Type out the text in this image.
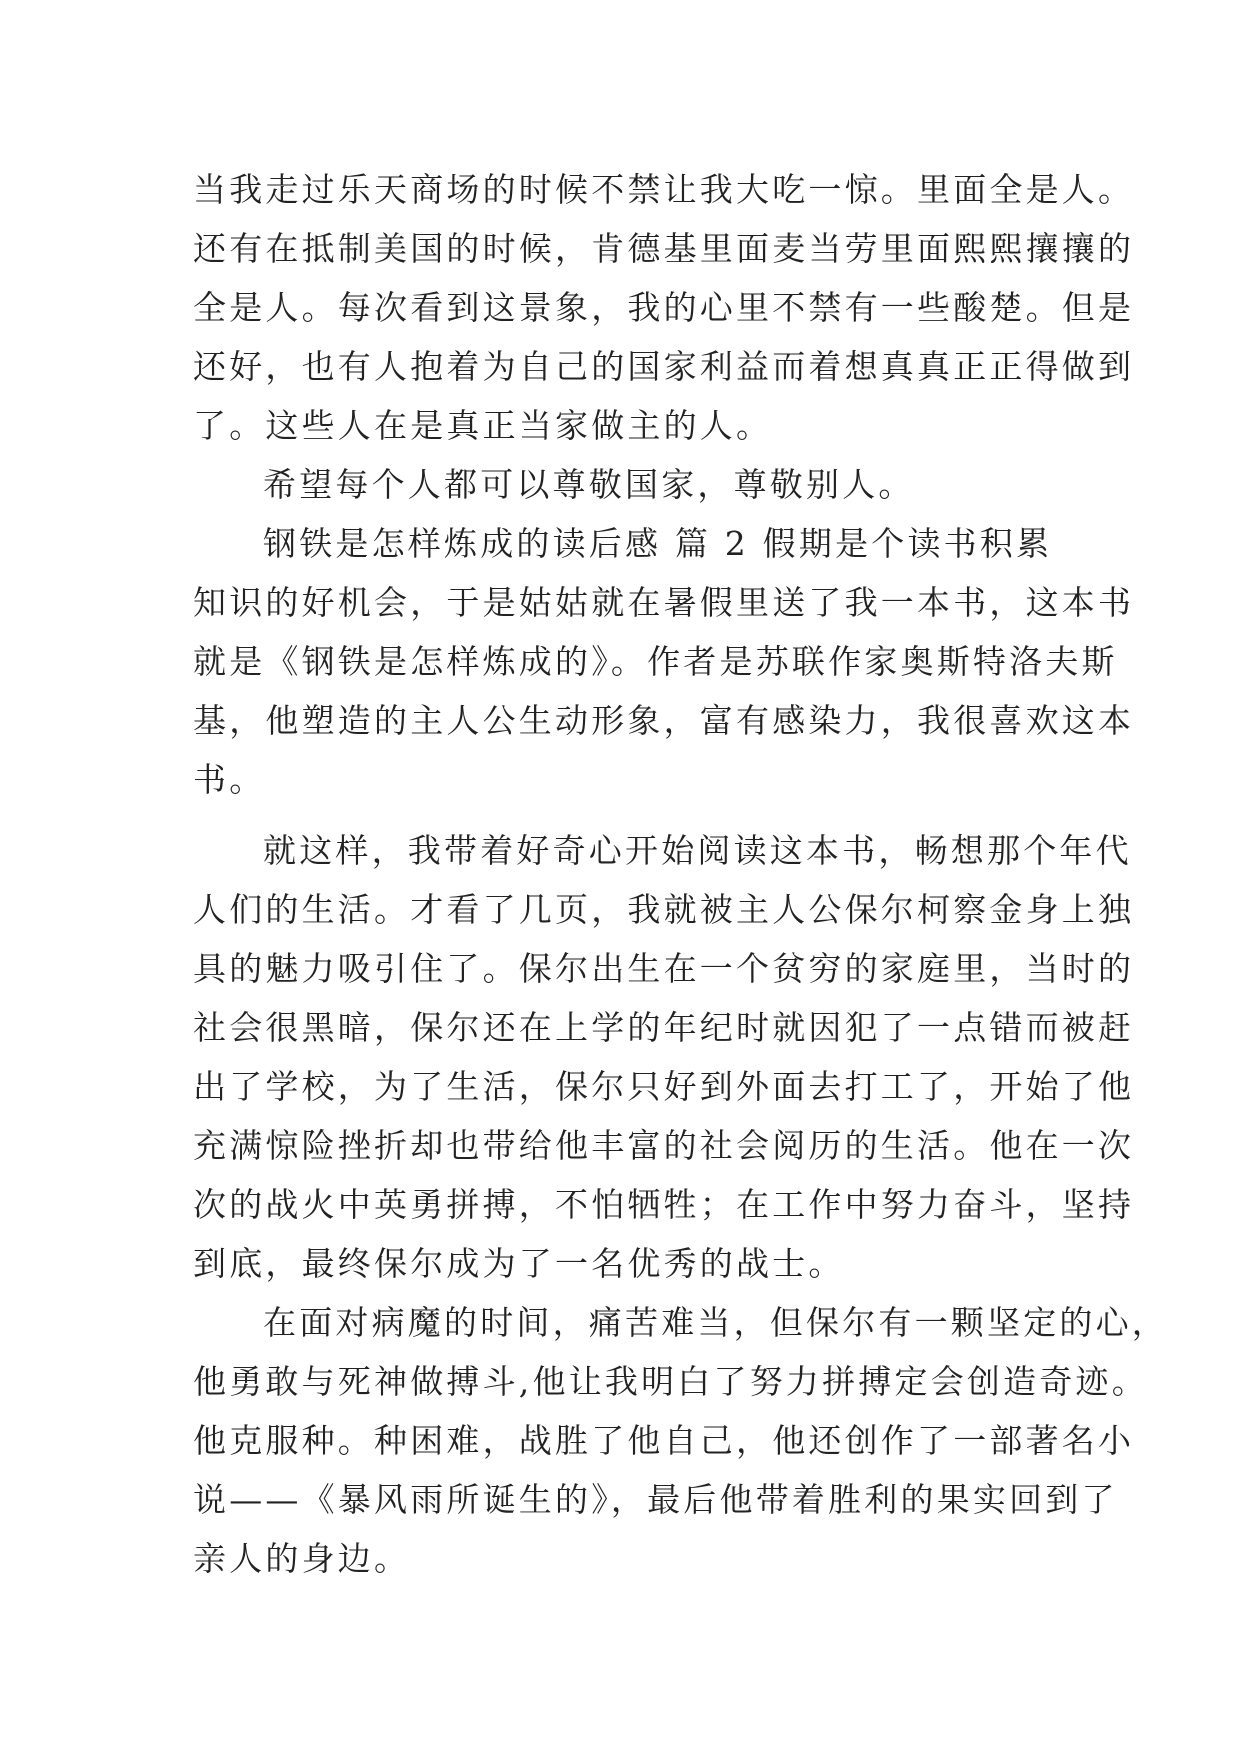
当我走过乐天商场的时候不禁让我大吃一惊。里面全是人。
还有在抵制美国的时候，肯德基里面麦当劳里面熙熙攘攘的
全是人。每次看到这景象，我的心里不禁有一些酸楚。但是
还好，也有人抱着为自己的国家利益而着想真真正正得做到
了。这些人在是真正当家做主的人。
希望每个人都可以尊敬国家，尊敬别人。
钢铁是怎样炼成的读后感 篇 2 假期是个读书积累
知识的好机会，于是姑姑就在暑假里送了我一本书，这本书
就是《钢铁是怎样炼成的》。作者是苏联作家奥斯特洛夫斯
基，他塑造的主人公生动形象，富有感染力，我很喜欢这本
书。
就这样，我带着好奇心开始阅读这本书，畅想那个年代
人们的生活。才看了几页，我就被主人公保尔柯察金身上独
具的魅力吸引住了。保尔出生在一个贫穷的家庭里，当时的
社会很黑暗，保尔还在上学的年纪时就因犯了一点错而被赶
出了学校，为了生活，保尔只好到外面去打工了，开始了他
充满惊险挫折却也带给他丰富的社会阅历的生活。他在一次
次的战火中英勇拼搏，不怕牺牲；在工作中努力奋斗，坚持
到底，最终保尔成为了一名优秀的战士。
在面对病魔的时间，痛苦难当，但保尔有一颗坚定的心，
他勇敢与死神做搏斗,他让我明白了努力拼搏定会创造奇迹。
他克服种。种困难，战胜了他自己，他还创作了一部著名小
说——《暴风雨所诞生的》，最后他带着胜利的果实回到了
亲人的身边。
